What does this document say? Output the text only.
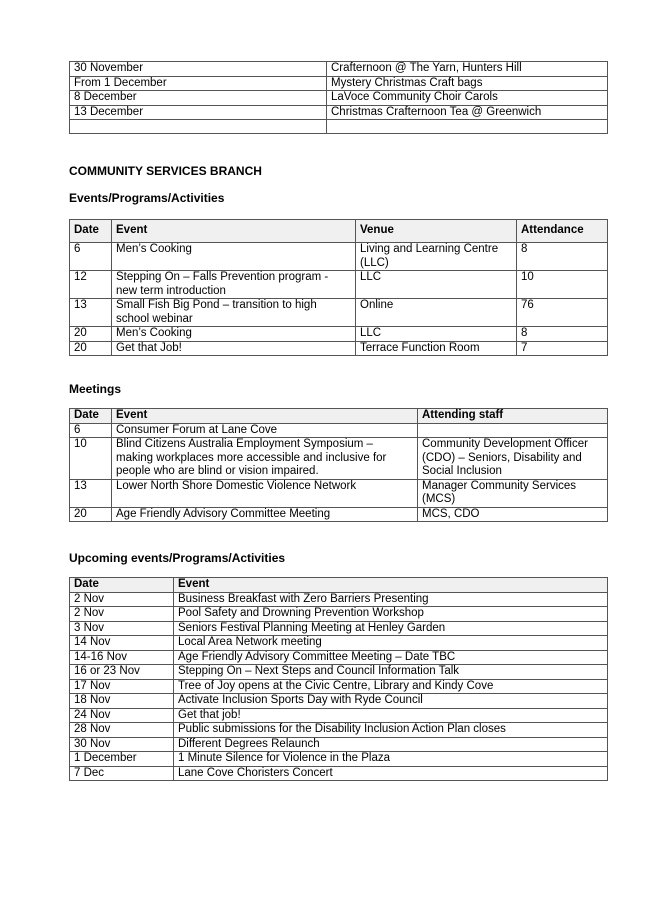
30 November	Crafternoon @ The Yarn, Hunters Hill
From 1 December	Mystery Christmas Craft bags
8 December	LaVoce Community Choir Carols
13 December	Christmas Crafternoon Tea @ Greenwich

COMMUNITY SERVICES BRANCH

Events/Programs/Activities

Date	Event	Venue	Attendance
6	Men’s Cooking	Living and Learning Centre (LLC)	8
12	Stepping On – Falls Prevention program - new term introduction	LLC	10
13	Small Fish Big Pond – transition to high school webinar	Online	76
20	Men’s Cooking	LLC	8
20	Get that Job!	Terrace Function Room	7

Meetings

Date	Event	Attending staff
6	Consumer Forum at Lane Cove	
10	Blind Citizens Australia Employment Symposium – making workplaces more accessible and inclusive for people who are blind or vision impaired.	Community Development Officer (CDO) – Seniors, Disability and Social Inclusion
13	Lower North Shore Domestic Violence Network	Manager Community Services (MCS)
20	Age Friendly Advisory Committee Meeting	MCS, CDO

Upcoming events/Programs/Activities

Date	Event
2 Nov	Business Breakfast with Zero Barriers Presenting
2 Nov	Pool Safety and Drowning Prevention Workshop
3 Nov	Seniors Festival Planning Meeting at Henley Garden
14 Nov	Local Area Network meeting
14-16 Nov	Age Friendly Advisory Committee Meeting – Date TBC
16 or 23 Nov	Stepping On – Next Steps and Council Information Talk
17 Nov	Tree of Joy opens at the Civic Centre, Library and Kindy Cove
18 Nov	Activate Inclusion Sports Day with Ryde Council
24 Nov	Get that job!
28 Nov	Public submissions for the Disability Inclusion Action Plan closes
30 Nov	Different Degrees Relaunch
1 December	1 Minute Silence for Violence in the Plaza
7 Dec	Lane Cove Choristers Concert
